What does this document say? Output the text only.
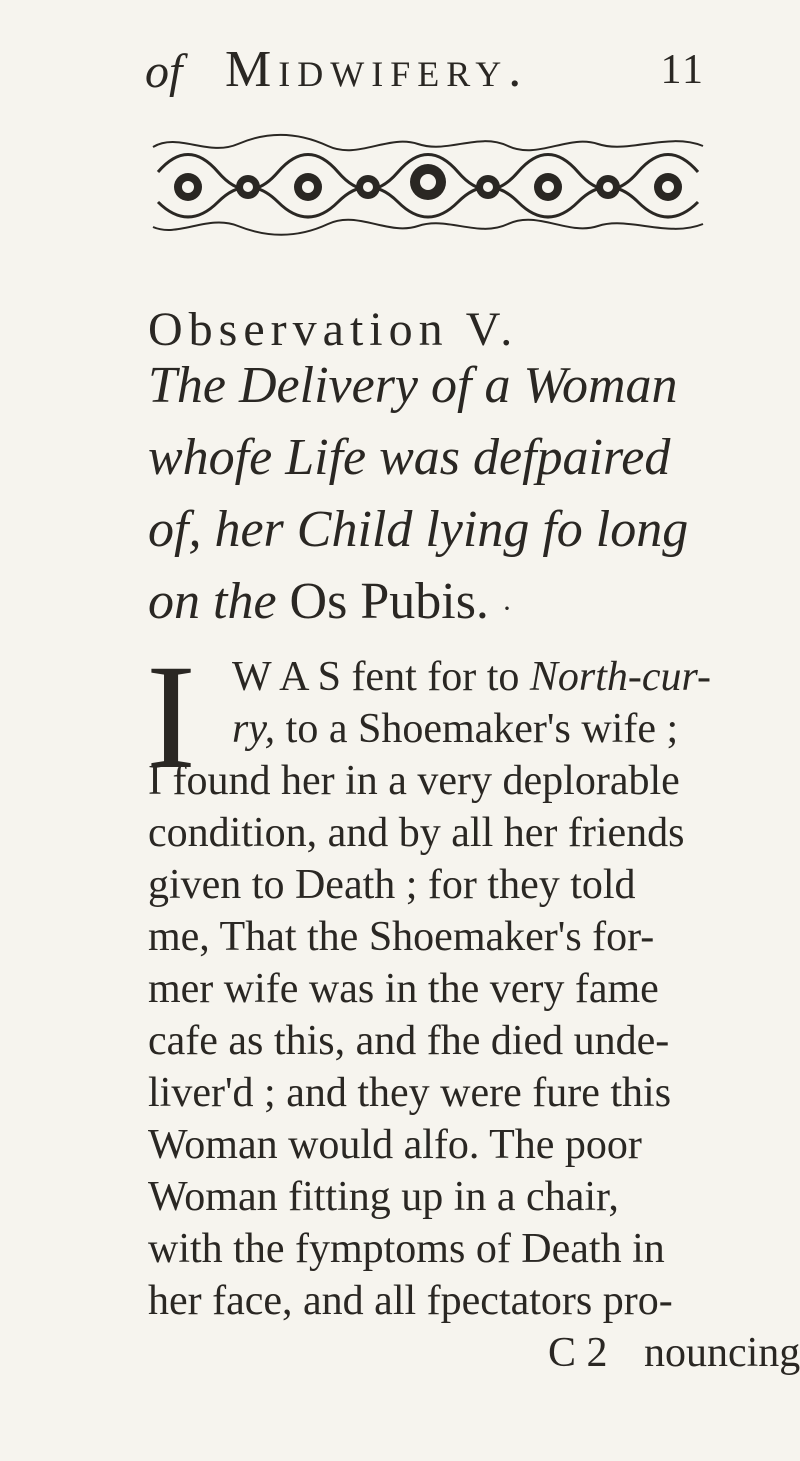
of Midwifery.	11
Observation V.
The Delivery of a Woman
whofe Life was defpaired
of, her Child lying fo long
on the Os Pubis. ·
I W A S fent for to North-cur-
ry, to a Shoemaker's wife ;
I found her in a very deplorable
condition, and by all her friends
given to Death ; for they told
me, That the Shoemaker's for-
mer wife was in the very fame
cafe as this, and fhe died unde-
liver'd ; and they were fure this
Woman would alfo. The poor
Woman fitting up in a chair,
with the fymptoms of Death in
her face, and all fpectators pro-
C 2 nouncing
